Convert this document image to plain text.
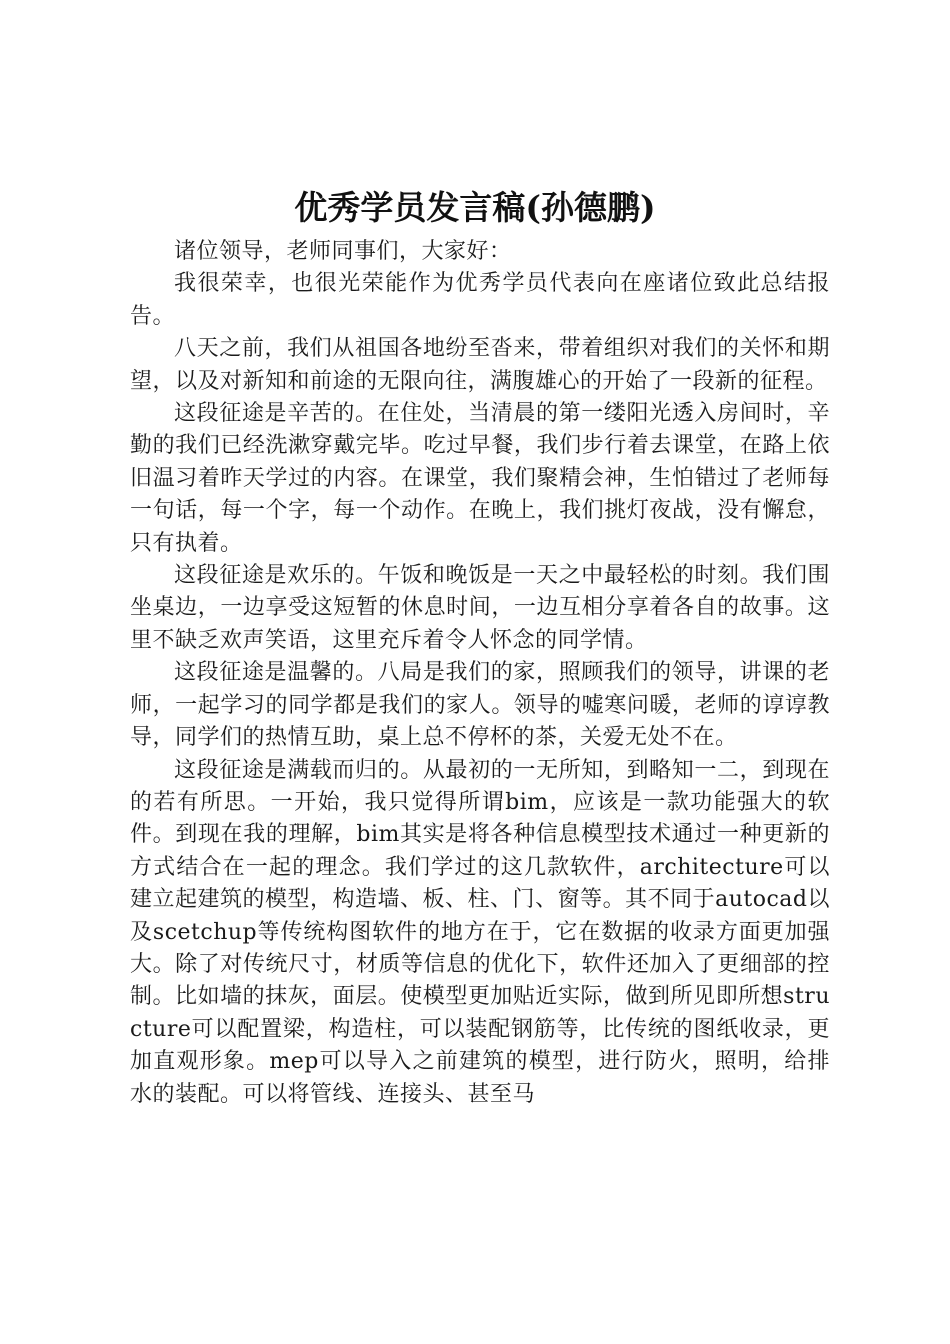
优秀学员发言稿(孙德鹏)

诸位领导，老师同事们，大家好：

我很荣幸，也很光荣能作为优秀学员代表向在座诸位致此总结报告。

八天之前，我们从祖国各地纷至沓来，带着组织对我们的关怀和期望，以及对新知和前途的无限向往，满腹雄心的开始了一段新的征程。

这段征途是辛苦的。在住处，当清晨的第一缕阳光透入房间时，辛勤的我们已经洗漱穿戴完毕。吃过早餐，我们步行着去课堂，在路上依旧温习着昨天学过的内容。在课堂，我们聚精会神，生怕错过了老师每一句话，每一个字，每一个动作。在晚上，我们挑灯夜战，没有懈怠，只有执着。

这段征途是欢乐的。午饭和晚饭是一天之中最轻松的时刻。我们围坐桌边，一边享受这短暂的休息时间，一边互相分享着各自的故事。这里不缺乏欢声笑语，这里充斥着令人怀念的同学情。

这段征途是温馨的。八局是我们的家，照顾我们的领导，讲课的老师，一起学习的同学都是我们的家人。领导的嘘寒问暖，老师的谆谆教导，同学们的热情互助，桌上总不停杯的茶，关爱无处不在。

这段征途是满载而归的。从最初的一无所知，到略知一二，到现在的若有所思。一开始，我只觉得所谓bim，应该是一款功能强大的软件。到现在我的理解，bim其实是将各种信息模型技术通过一种更新的方式结合在一起的理念。我们学过的这几款软件，architecture可以建立起建筑的模型，构造墙、板、柱、门、窗等。其不同于autocad以及scetchup等传统构图软件的地方在于，它在数据的收录方面更加强大。除了对传统尺寸，材质等信息的优化下，软件还加入了更细部的控制。比如墙的抹灰，面层。使模型更加贴近实际，做到所见即所想structure可以配置梁，构造柱，可以装配钢筋等，比传统的图纸收录，更加直观形象。mep可以导入之前建筑的模型，进行防火，照明，给排水的装配。可以将管线、连接头、甚至马
